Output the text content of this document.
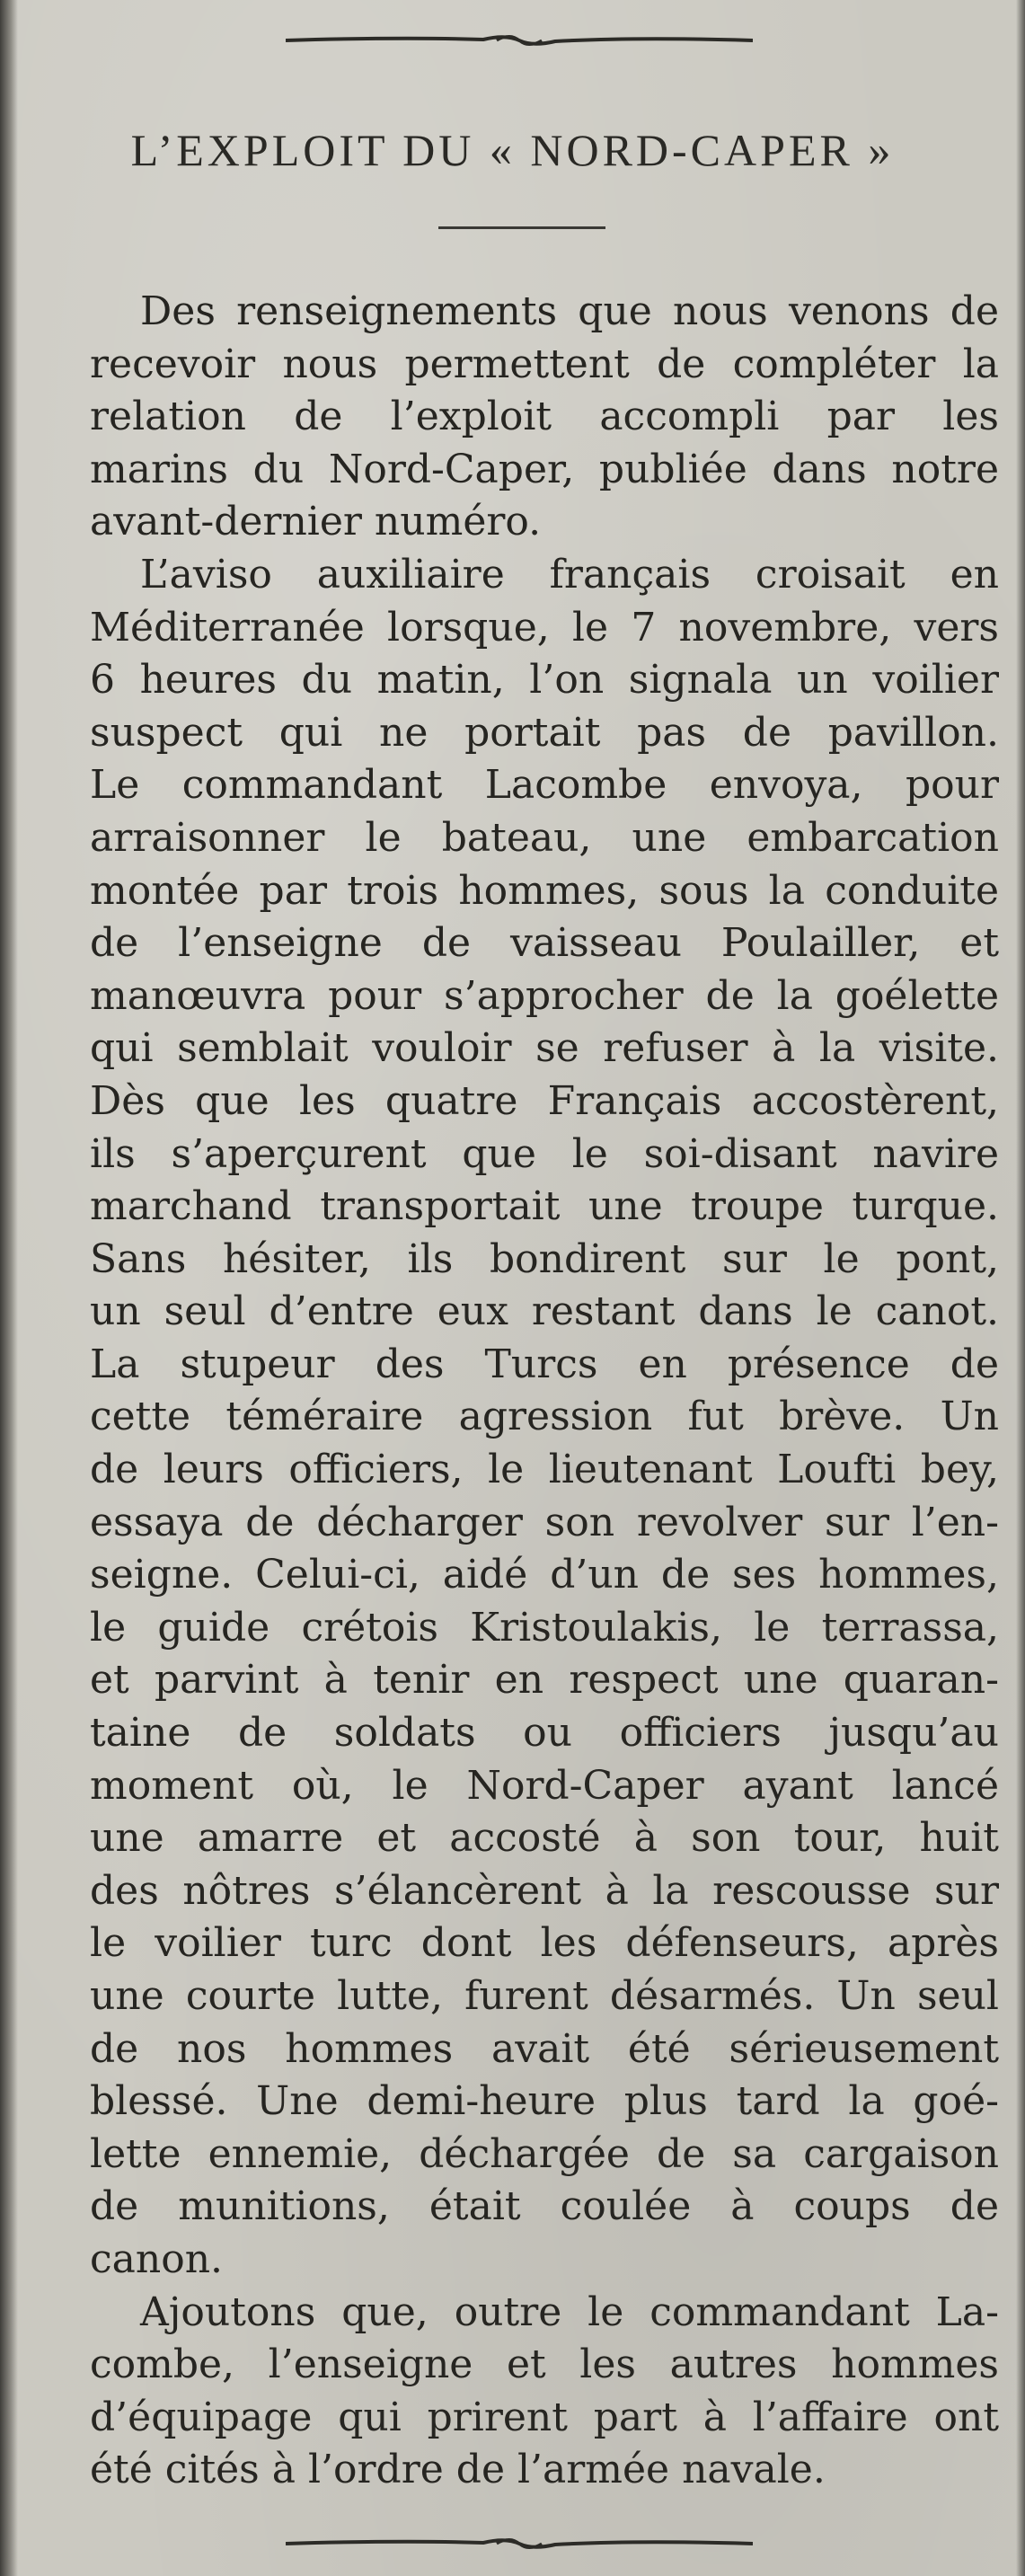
L’EXPLOIT DU « NORD-CAPER »
Des renseignements que nous venons de
recevoir nous permettent de compléter la
relation de l’exploit accompli par les
marins du Nord-Caper, publiée dans notre
avant-dernier numéro.
L’aviso auxiliaire français croisait en
Méditerranée lorsque, le 7 novembre, vers
6 heures du matin, l’on signala un voilier
suspect qui ne portait pas de pavillon.
Le commandant Lacombe envoya, pour
arraisonner le bateau, une embarcation
montée par trois hommes, sous la conduite
de l’enseigne de vaisseau Poulailler, et
manœuvra pour s’approcher de la goélette
qui semblait vouloir se refuser à la visite.
Dès que les quatre Français accostèrent,
ils s’aperçurent que le soi-disant navire
marchand transportait une troupe turque.
Sans hésiter, ils bondirent sur le pont,
un seul d’entre eux restant dans le canot.
La stupeur des Turcs en présence de
cette téméraire agression fut brève. Un
de leurs officiers, le lieutenant Loufti bey,
essaya de décharger son revolver sur l’en-
seigne. Celui-ci, aidé d’un de ses hommes,
le guide crétois Kristoulakis, le terrassa,
et parvint à tenir en respect une quaran-
taine de soldats ou officiers jusqu’au
moment où, le Nord-Caper ayant lancé
une amarre et accosté à son tour, huit
des nôtres s’élancèrent à la rescousse sur
le voilier turc dont les défenseurs, après
une courte lutte, furent désarmés. Un seul
de nos hommes avait été sérieusement
blessé. Une demi-heure plus tard la goé-
lette ennemie, déchargée de sa cargaison
de munitions, était coulée à coups de
canon.
Ajoutons que, outre le commandant La-
combe, l’enseigne et les autres hommes
d’équipage qui prirent part à l’affaire ont
été cités à l’ordre de l’armée navale.
